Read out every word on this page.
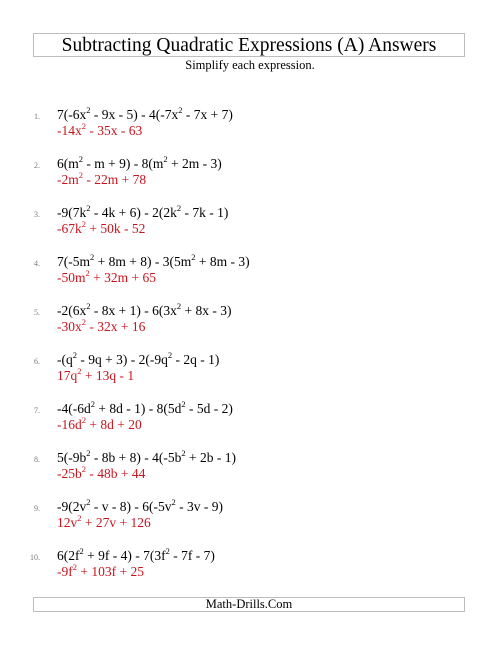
Subtracting Quadratic Expressions (A) Answers
Simplify each expression.
1.	$7(-6x^2 - 9x - 5) - 4(-7x^2 - 7x + 7)$
$-14x^2 - 35x - 63$
2.	$6(m^2 - m + 9) - 8(m^2 + 2m - 3)$
$-2m^2 - 22m + 78$
3.	$-9(7k^2 - 4k + 6) - 2(2k^2 - 7k - 1)$
$-67k^2 + 50k - 52$
4.	$7(-5m^2 + 8m + 8) - 3(5m^2 + 8m - 3)$
$-50m^2 + 32m + 65$
5.	$-2(6x^2 - 8x + 1) - 6(3x^2 + 8x - 3)$
$-30x^2 - 32x + 16$
6.	$-(q^2 - 9q + 3) - 2(-9q^2 - 2q - 1)$
$17q^2 + 13q - 1$
7.	$-4(-6d^2 + 8d - 1) - 8(5d^2 - 5d - 2)$
$-16d^2 + 8d + 20$
8.	$5(-9b^2 - 8b + 8) - 4(-5b^2 + 2b - 1)$
$-25b^2 - 48b + 44$
9.	$-9(2v^2$ - v - $8) - 6(-5v^2 - 3v - 9)$
$12v^2 + 27v + 126$
10.	$6(2f^2 + 9f - 4) - 7(3f^2 - 7f - 7)$
$-9f^2 + 103f + 25$
Math-Drills.Com
